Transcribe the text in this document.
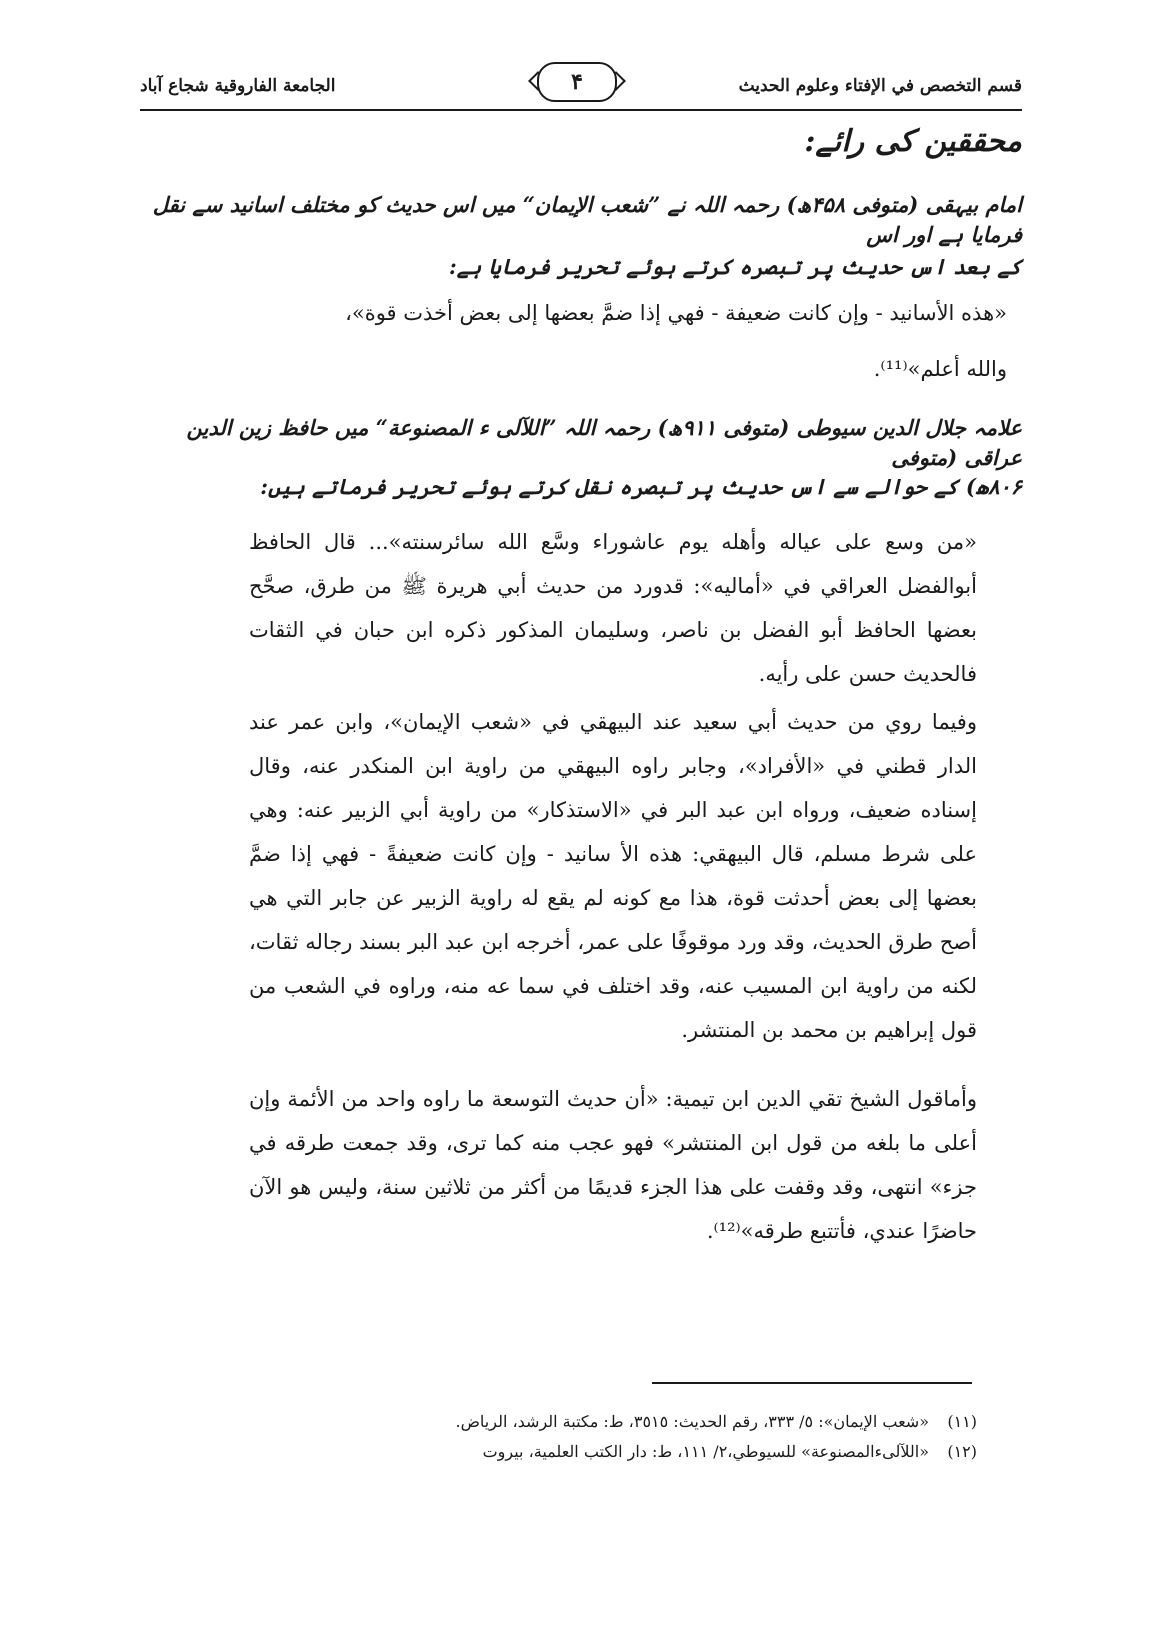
قسم التخصص في الإفتاء وعلوم الحديث
۴
الجامعة الفاروقية شجاع آباد
محققین کی رائے:
امام بیہقی (متوفی ۴۵۸ھ) رحمہ اللہ نے ”شعب الإیمان“ میں اس حدیث کو مختلف اسانید سے نقل فرمایا ہے اور اس
کے بعد اس حدیث پر تبصرہ کرتے ہوئے تحریر فرمایا ہے:
«هذه الأسانيد - وإن كانت ضعيفة - فهي إذا ضمَّ بعضها إلى بعض أخذت قوة»،
والله أعلم»⁽¹¹⁾.
علامہ جلال الدین سیوطی (متوفی ۹۱۱ھ) رحمہ اللہ ”اللآلی ء المصنوعة“ میں حافظ زین الدین عراقی (متوفی
۸۰۶ھ) کے حوالے سے اس حدیث پر تبصرہ نقل کرتے ہوئے تحریر فرماتے ہیں:
«من وسع على عياله وأهله يوم عاشوراء وسَّع الله سائرسنته»... قال الحافظ أبوالفضل العراقي في «أماليه»: قدورد من حديث أبي هريرة ﷺ من طرق، صحَّح بعضها الحافظ أبو الفضل بن ناصر، وسليمان المذكور ذكره ابن حبان في الثقات فالحديث حسن على رأيه.
وفيما روي من حديث أبي سعيد عند البيهقي في «شعب الإيمان»، وابن عمر عند الدار قطني في «الأفراد»، وجابر راوه البيهقي من راوية ابن المنكدر عنه، وقال إسناده ضعيف، ورواه ابن عبد البر في «الاستذكار» من راوية أبي الزبير عنه: وهي على شرط مسلم، قال البيهقي: هذه الأ سانيد - وإن كانت ضعيفةً - فهي إذا ضمَّ بعضها إلى بعض أحدثت قوة، هذا مع كونه لم يقع له راوية الزبير عن جابر التي هي أصح طرق الحديث، وقد ورد موقوفًا على عمر، أخرجه ابن عبد البر بسند رجاله ثقات، لكنه من راوية ابن المسيب عنه، وقد اختلف في سما عه منه، وراوه في الشعب من قول إبراهيم بن محمد بن المنتشر.
وأماقول الشيخ تقي الدين ابن تيمية: «أن حديث التوسعة ما راوه واحد من الأئمة وإن أعلى ما بلغه من قول ابن المنتشر» فهو عجب منه كما ترى، وقد جمعت طرقه في جزء» انتهى، وقد وقفت على هذا الجزء قديمًا من أكثر من ثلاثين سنة، وليس هو الآن حاضرًا عندي، فأتتبع طرقه»⁽¹²⁾.
(۱۱)
«شعب الإيمان»: ٥/ ٣٣٣، رقم الحديث: ٣٥١٥، ط: مكتبة الرشد، الرياض.
(۱۲)
«اللآلىءالمصنوعة» للسيوطي،٢/ ١١١، ط: دار الكتب العلمية، بيروت
